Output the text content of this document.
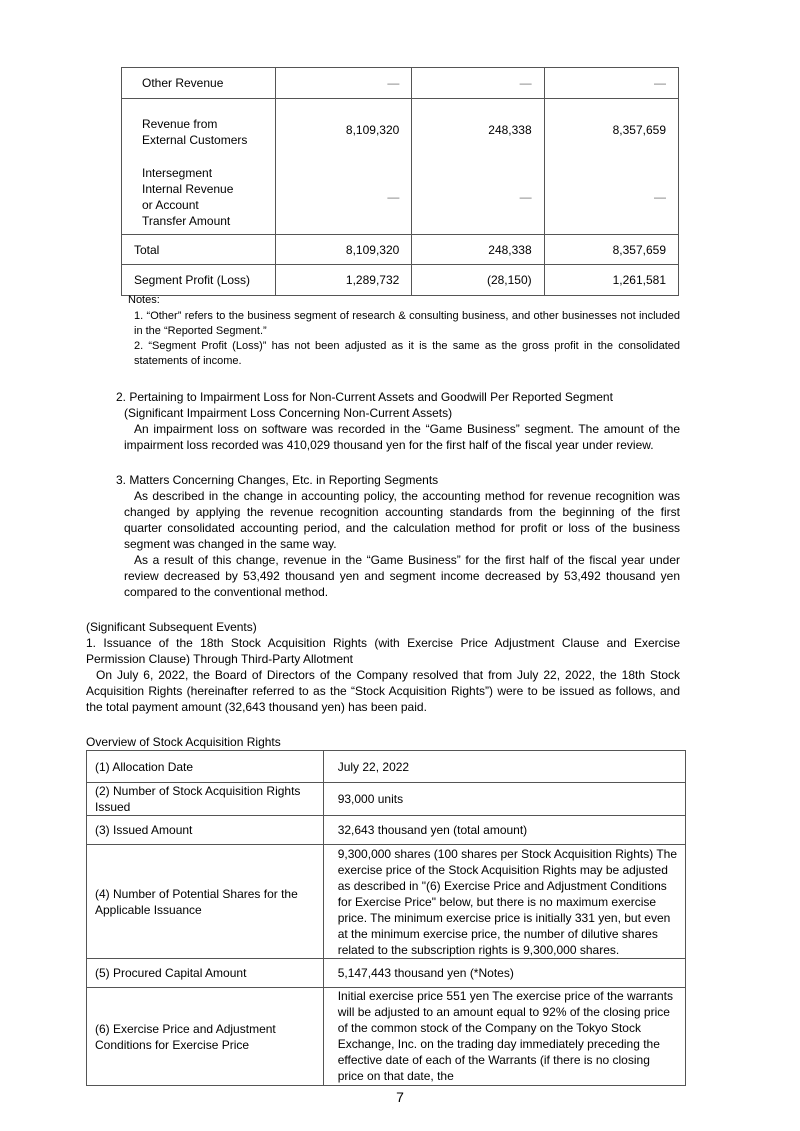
Other Revenue	—	—	—
Revenue from External Customers	8,109,320	248,338	8,357,659
Intersegment Internal Revenue or Account Transfer Amount	—	—	—
Total	8,109,320	248,338	8,357,659
Segment Profit (Loss)	1,289,732	(28,150)	1,261,581
Notes:
1. “Other” refers to the business segment of research & consulting business, and other businesses not included in the “Reported Segment.”
2. “Segment Profit (Loss)” has not been adjusted as it is the same as the gross profit in the consolidated statements of income.
2. Pertaining to Impairment Loss for Non-Current Assets and Goodwill Per Reported Segment
(Significant Impairment Loss Concerning Non-Current Assets)
An impairment loss on software was recorded in the “Game Business” segment. The amount of the impairment loss recorded was 410,029 thousand yen for the first half of the fiscal year under review.
3. Matters Concerning Changes, Etc. in Reporting Segments
As described in the change in accounting policy, the accounting method for revenue recognition was changed by applying the revenue recognition accounting standards from the beginning of the first quarter consolidated accounting period, and the calculation method for profit or loss of the business segment was changed in the same way.
As a result of this change, revenue in the “Game Business” for the first half of the fiscal year under review decreased by 53,492 thousand yen and segment income decreased by 53,492 thousand yen compared to the conventional method.
(Significant Subsequent Events)
1. Issuance of the 18th Stock Acquisition Rights (with Exercise Price Adjustment Clause and Exercise Permission Clause) Through Third-Party Allotment
On July 6, 2022, the Board of Directors of the Company resolved that from July 22, 2022, the 18th Stock Acquisition Rights (hereinafter referred to as the “Stock Acquisition Rights”) were to be issued as follows, and the total payment amount (32,643 thousand yen) has been paid.
Overview of Stock Acquisition Rights
(1) Allocation Date	July 22, 2022
(2) Number of Stock Acquisition Rights Issued	93,000 units
(3) Issued Amount	32,643 thousand yen (total amount)
(4) Number of Potential Shares for the Applicable Issuance	9,300,000 shares (100 shares per Stock Acquisition Rights) The exercise price of the Stock Acquisition Rights may be adjusted as described in "(6) Exercise Price and Adjustment Conditions for Exercise Price" below, but there is no maximum exercise price. The minimum exercise price is initially 331 yen, but even at the minimum exercise price, the number of dilutive shares related to the subscription rights is 9,300,000 shares.
(5) Procured Capital Amount	5,147,443 thousand yen (*Notes)
(6) Exercise Price and Adjustment Conditions for Exercise Price	Initial exercise price 551 yen The exercise price of the warrants will be adjusted to an amount equal to 92% of the closing price of the common stock of the Company on the Tokyo Stock Exchange, Inc. on the trading day immediately preceding the effective date of each of the Warrants (if there is no closing price on that date, the
7
